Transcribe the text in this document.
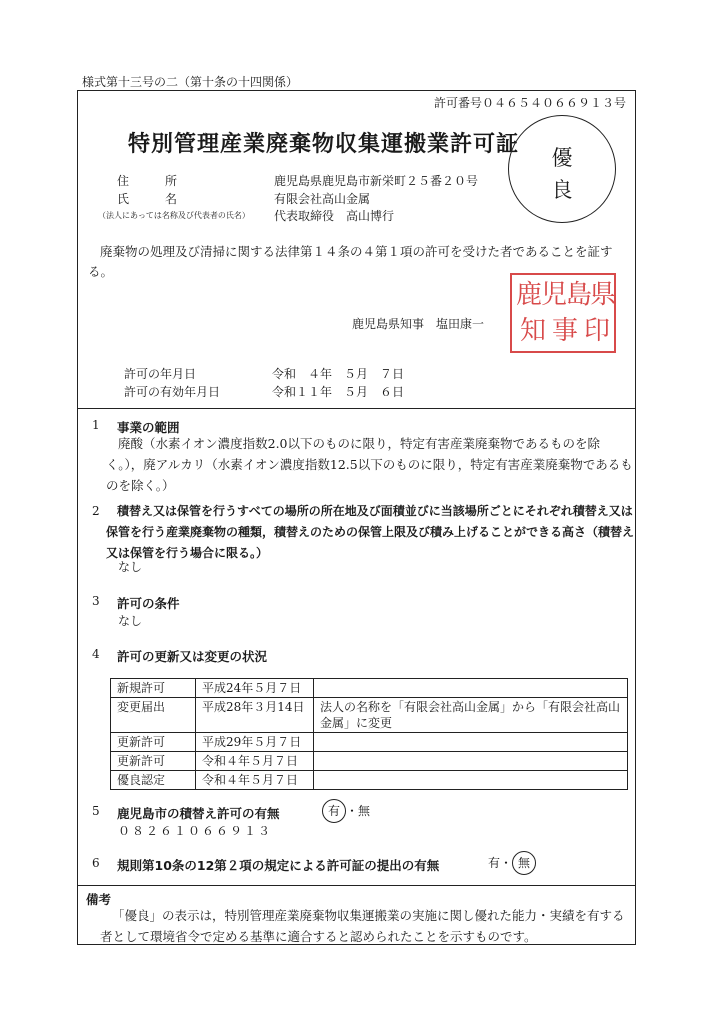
様式第十三号の二（第十条の十四関係）
許可番号０４６５４０６６９１３号
特別管理産業廃棄物収集運搬業許可証
優
良
住　　　所	鹿児島県鹿児島市新栄町２５番２０号
氏　　　名	有限会社高山金属
（法人にあっては名称及び代表者の氏名） 代表取締役　高山博行
廃棄物の処理及び清掃に関する法律第１４条の４第１項の許可を受けた者であることを証する。
鹿児島県知事　塩田康一
鹿
児
島
県
知 事 印
許可の年月日	令和　４年　５月　７日
許可の有効年月日	令和１１年　５月　６日
1 事業の範囲
廃酸（水素イオン濃度指数2.0以下のものに限り，特定有害産業廃棄物であるものを除く。），廃アルカリ（水素イオン濃度指数12.5以下のものに限り，特定有害産業廃棄物であるものを除く。）
2	積替え又は保管を行うすべての場所の所在地及び面積並びに当該場所ごとにそれぞれ積替え又は保管を行う産業廃棄物の種類，積替えのための保管上限及び積み上げることができる高さ（積替え又は保管を行う場合に限る。）
なし
3 許可の条件
なし
4 許可の更新又は変更の状況
新規許可	平成24年５月７日	
変更届出	平成28年３月14日	法人の名称を「有限会社高山金属」から「有限会社高山金属」に変更
更新許可	平成29年５月７日	
更新許可	令和４年５月７日	
優良認定	令和４年５月７日	
5 鹿児島市の積替え許可の有無	有 ・無
０８２６１０６６９１３
6 規則第10条の12第２項の規定による許可証の提出の有無	有・ 無
備考
「優良」の表示は，特別管理産業廃棄物収集運搬業の実施に関し優れた能力・実績を有する者として環境省令で定める基準に適合すると認められたことを示すものです。
